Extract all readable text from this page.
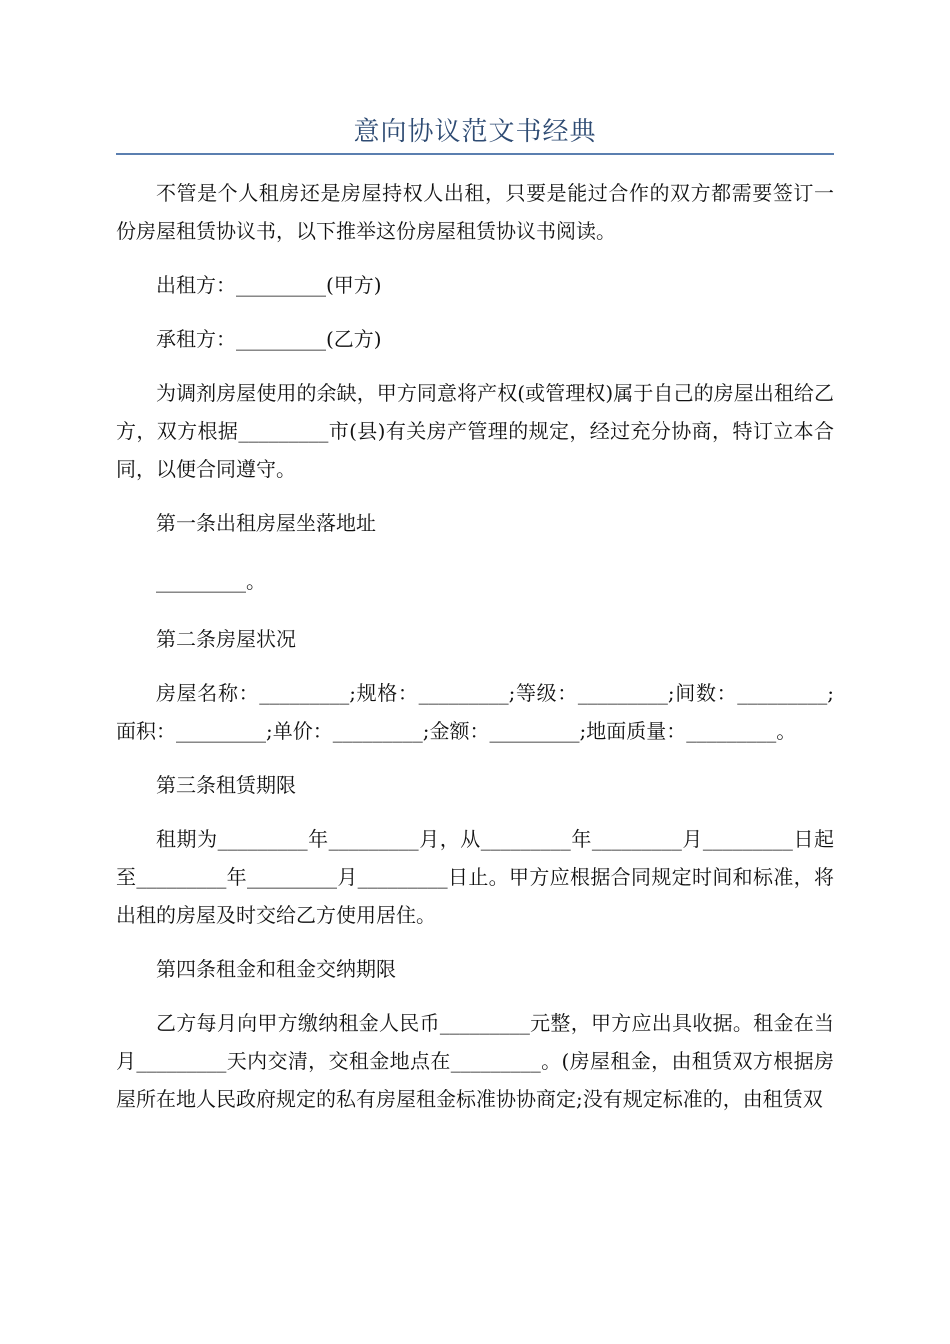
意向协议范文书经典

不管是个人租房还是房屋持权人出租，只要是能过合作的双方都需要签订一份房屋租赁协议书，以下推举这份房屋租赁协议书阅读。

出租方：_________(甲方)

承租方：_________(乙方)

为调剂房屋使用的余缺，甲方同意将产权(或管理权)属于自己的房屋出租给乙方，双方根据_________市(县)有关房产管理的规定，经过充分协商，特订立本合同，以便合同遵守。

第一条出租房屋坐落地址

_________。

第二条房屋状况

房屋名称：_________;规格：_________;等级：_________;间数：_________;面积：_________;单价：_________;金额：_________;地面质量：_________。

第三条租赁期限

租期为_________年_________月，从_________年_________月_________日起至_________年_________月_________日止。甲方应根据合同规定时间和标准，将出租的房屋及时交给乙方使用居住。

第四条租金和租金交纳期限

乙方每月向甲方缴纳租金人民币_________元整，甲方应出具收据。租金在当月_________天内交清，交租金地点在_________。(房屋租金，由租赁双方根据房屋所在地人民政府规定的私有房屋租金标准协协商定;没有规定标准的，由租赁双
